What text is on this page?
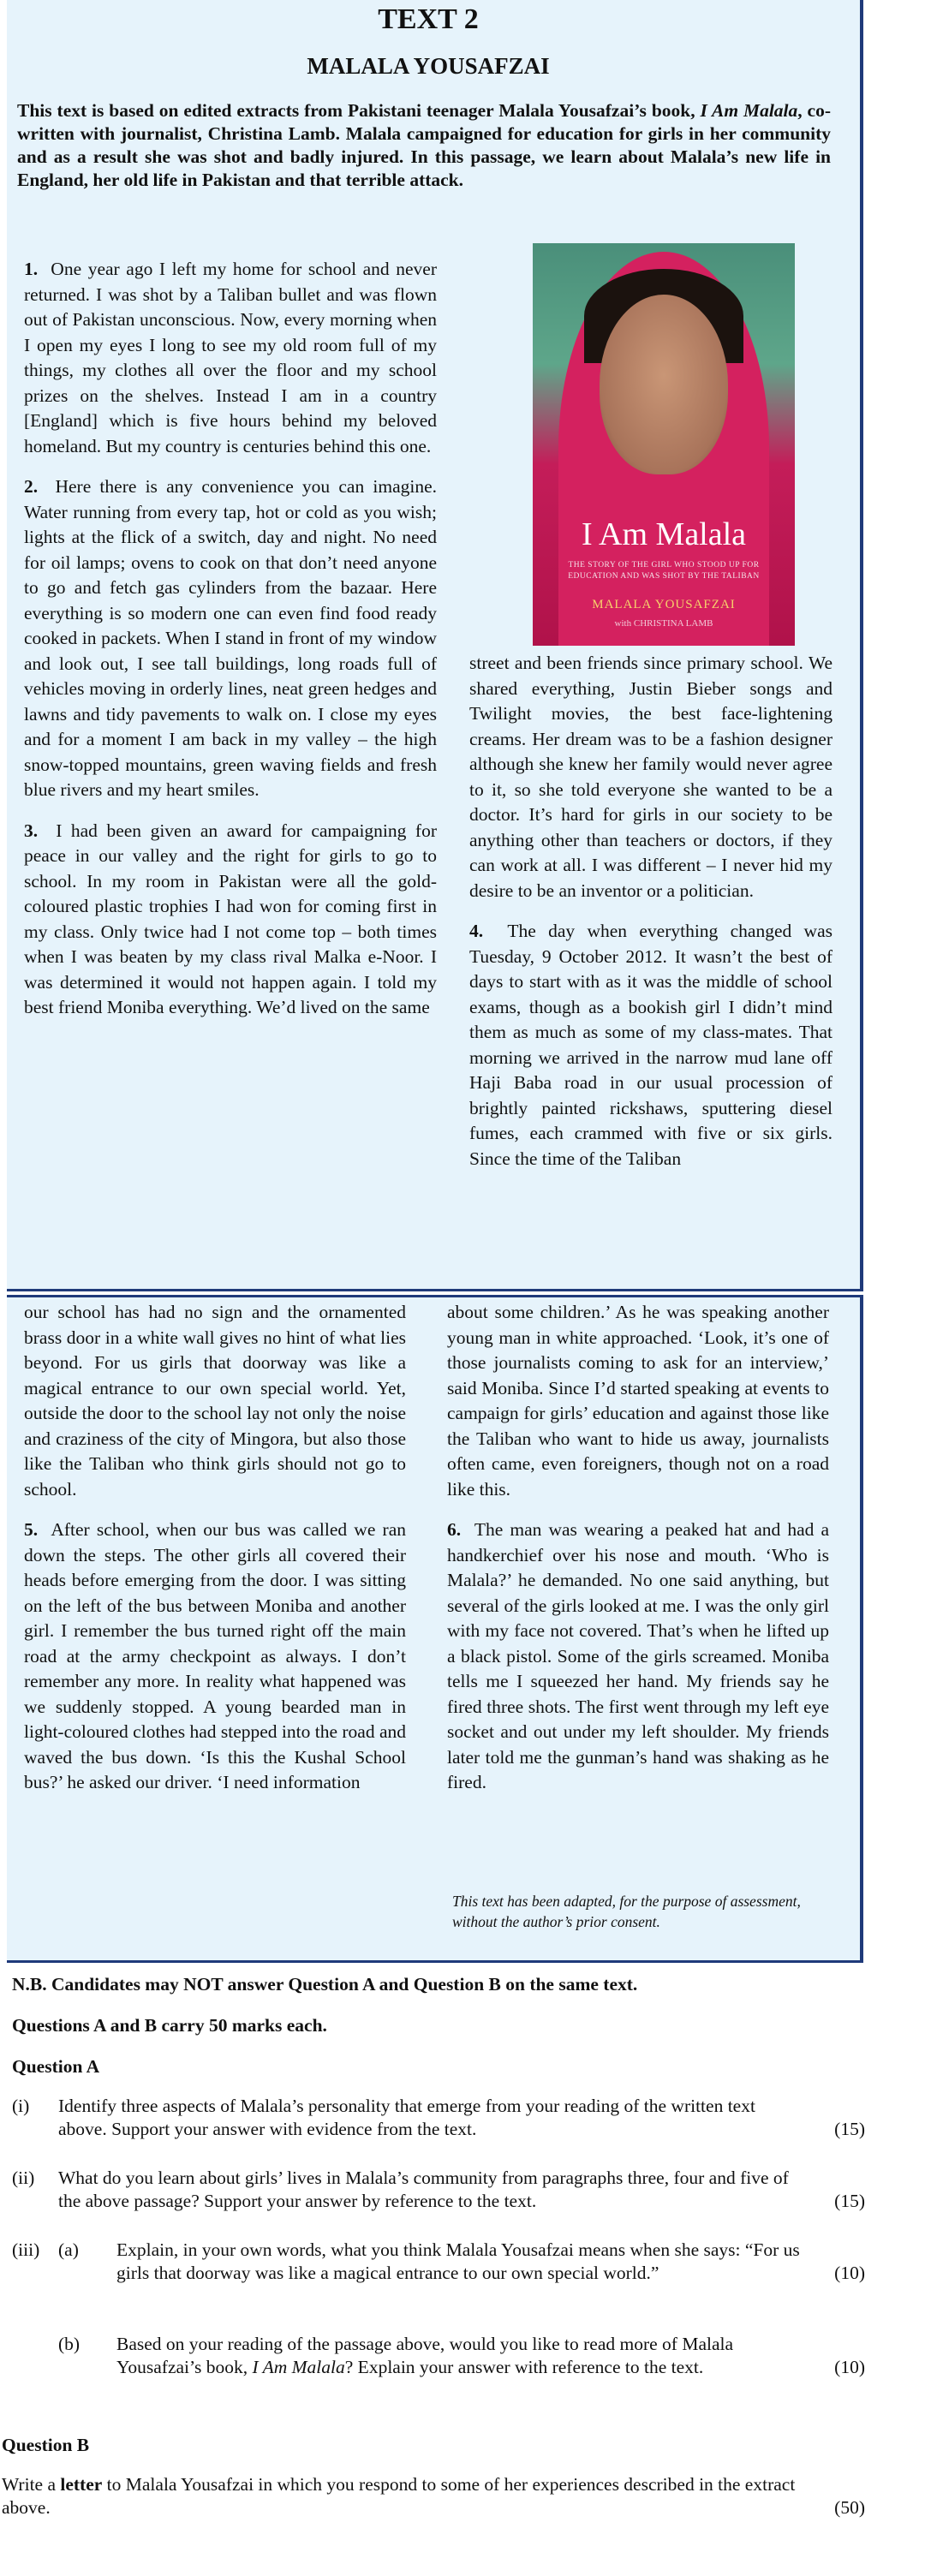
TEXT 2
MALALA YOUSAFZAI

This text is based on edited extracts from Pakistani teenager Malala Yousafzai’s book, I Am Malala, co-written with journalist, Christina Lamb. Malala campaigned for education for girls in her community and as a result she was shot and badly injured. In this passage, we learn about Malala’s new life in England, her old life in Pakistan and that terrible attack.

1. One year ago I left my home for school and never returned. I was shot by a Taliban bullet and was flown out of Pakistan unconscious. Now, every morning when I open my eyes I long to see my old room full of my things, my clothes all over the floor and my school prizes on the shelves. Instead I am in a country [England] which is five hours behind my beloved homeland. But my country is centuries behind this one.

2. Here there is any convenience you can imagine. Water running from every tap, hot or cold as you wish; lights at the flick of a switch, day and night. No need for oil lamps; ovens to cook on that don’t need anyone to go and fetch gas cylinders from the bazaar. Here everything is so modern one can even find food ready cooked in packets. When I stand in front of my window and look out, I see tall buildings, long roads full of vehicles moving in orderly lines, neat green hedges and lawns and tidy pavements to walk on. I close my eyes and for a moment I am back in my valley – the high snow-topped mountains, green waving fields and fresh blue rivers and my heart smiles.

3. I had been given an award for campaigning for peace in our valley and the right for girls to go to school. In my room in Pakistan were all the gold-coloured plastic trophies I had won for coming first in my class. Only twice had I not come top – both times when I was beaten by my class rival Malka e-Noor. I was determined it would not happen again. I told my best friend Moniba everything. We’d lived on the same

I Am Malala
THE STORY OF THE GIRL WHO STOOD UP FOR EDUCATION AND WAS SHOT BY THE TALIBAN
MALALA YOUSAFZAI
with CHRISTINA LAMB

street and been friends since primary school. We shared everything, Justin Bieber songs and Twilight movies, the best face-lightening creams. Her dream was to be a fashion designer although she knew her family would never agree to it, so she told everyone she wanted to be a doctor. It’s hard for girls in our society to be anything other than teachers or doctors, if they can work at all. I was different – I never hid my desire to be an inventor or a politician.

4. The day when everything changed was Tuesday, 9 October 2012. It wasn’t the best of days to start with as it was the middle of school exams, though as a bookish girl I didn’t mind them as much as some of my class-mates. That morning we arrived in the narrow mud lane off Haji Baba road in our usual procession of brightly painted rickshaws, sputtering diesel fumes, each crammed with five or six girls. Since the time of the Taliban

our school has had no sign and the ornamented brass door in a white wall gives no hint of what lies beyond. For us girls that doorway was like a magical entrance to our own special world. Yet, outside the door to the school lay not only the noise and craziness of the city of Mingora, but also those like the Taliban who think girls should not go to school.

5. After school, when our bus was called we ran down the steps. The other girls all covered their heads before emerging from the door. I was sitting on the left of the bus between Moniba and another girl. I remember the bus turned right off the main road at the army checkpoint as always. I don’t remember any more. In reality what happened was we suddenly stopped. A young bearded man in light-coloured clothes had stepped into the road and waved the bus down. ‘Is this the Kushal School bus?’ he asked our driver. ‘I need information

about some children.’ As he was speaking another young man in white approached. ‘Look, it’s one of those journalists coming to ask for an interview,’ said Moniba. Since I’d started speaking at events to campaign for girls’ education and against those like the Taliban who want to hide us away, journalists often came, even foreigners, though not on a road like this.

6. The man was wearing a peaked hat and had a handkerchief over his nose and mouth. ‘Who is Malala?’ he demanded. No one said anything, but several of the girls looked at me. I was the only girl with my face not covered. That’s when he lifted up a black pistol. Some of the girls screamed. Moniba tells me I squeezed her hand. My friends say he fired three shots. The first went through my left eye socket and out under my left shoulder. My friends later told me the gunman’s hand was shaking as he fired.

This text has been adapted, for the purpose of assessment, without the author’s prior consent.
N.B. Candidates may NOT answer Question A and Question B on the same text.
Questions A and B carry 50 marks each.
Question A
(i)	Identify three aspects of Malala’s personality that emerge from your reading of the written text above. Support your answer with evidence from the text.	(15)
(ii)	What do you learn about girls’ lives in Malala’s community from paragraphs three, four and five of the above passage? Support your answer by reference to the text.	(15)
(iii)	(a)	Explain, in your own words, what you think Malala Yousafzai means when she says: “For us girls that doorway was like a magical entrance to our own special world.”	(10)
(b)	Based on your reading of the passage above, would you like to read more of Malala Yousafzai’s book, I Am Malala? Explain your answer with reference to the text.	(10)
Question B
Write a letter to Malala Yousafzai in which you respond to some of her experiences described in the extract above.	(50)
